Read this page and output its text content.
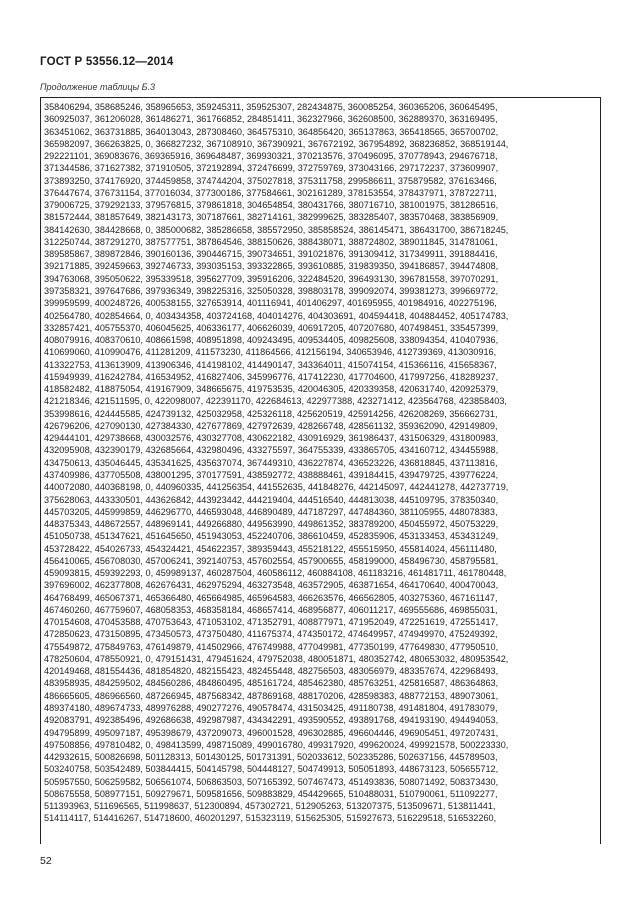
ГОСТ Р 53556.12—2014
Продолжение таблицы Б.3
358406294, 358685246, 358965653, 359245311, 359525307, 282434875, 360085254, 360365206, 360645495,
360925037, 361206028, 361486271, 361766852, 284851411, 362327966, 362608500, 362889370, 363169495,
363451062, 363731885, 364013043, 287308460, 364575310, 364856420, 365137863, 365418565, 365700702,
365982097, 366263825, 0, 366827232, 367108910, 367390921, 367672192, 367954892, 368236852, 368519144,
292221101, 369083676, 369365916, 369648487, 369930321, 370213576, 370496095, 370778943, 294676718,
371344586, 371627382, 371910505, 372192894, 372476699, 372759769, 373043166, 297172237, 373609907,
373893250, 374176920, 374459858, 374744204, 375027818, 375311758, 299586611, 375879582, 376163466,
376447674, 376731154, 377016034, 377300186, 377584661, 302161289, 378153554, 378437971, 378722711,
379006725, 379292133, 379576815, 379861818, 304654854, 380431766, 380716710, 381001975, 381286516,
381572444, 381857649, 382143173, 307187661, 382714161, 382999625, 383285407, 383570468, 383856909,
384142630, 384428668, 0, 385000682, 385286658, 385572950, 385858524, 386145471, 386431700, 386718245,
312250744, 387291270, 387577751, 387864546, 388150626, 388438071, 388724802, 389011845, 314781061,
389585867, 389872846, 390160136, 390446715, 390734651, 391021876, 391309412, 317349911, 391884416,
392171885, 392459663, 392746733, 393035153, 393322865, 393610885, 319839350, 394186857, 394474808,
394763068, 395050622, 395339518, 395627709, 395916206, 322484520, 396493130, 396781558, 397070291,
397358321, 397647686, 397936349, 398225316, 325050328, 398803178, 399092074, 399381273, 399669772,
399959599, 400248726, 400538155, 327653914, 401116941, 401406297, 401695955, 401984916, 402275196,
402564780, 402854664, 0, 403434358, 403724168, 404014276, 404303691, 404594418, 404884452, 405174783,
332857421, 405755370, 406045625, 406336177, 406626039, 406917205, 407207680, 407498451, 335457399,
408079916, 408370610, 408661598, 408951898, 409243495, 409534405, 409825608, 338094354, 410407936,
410699060, 410990476, 411281209, 411573230, 411864566, 412156194, 340653946, 412739369, 413030916,
413322753, 413613909, 413906346, 414198102, 414490147, 343364011, 415074154, 415366116, 415658367,
415949939, 416242784, 416534952, 416827406, 345996776, 417412230, 417704600, 417997256, 418289237,
418582482, 418875054, 419167909, 348665675, 419753535, 420046305, 420339358, 420631740, 420925379,
421218346, 421511595, 0, 422098007, 422391170, 422684613, 422977388, 423271412, 423564768, 423858403,
353998616, 424445585, 424739132, 425032958, 425326118, 425620519, 425914256, 426208269, 356662731,
426796206, 427090130, 427384330, 427677869, 427972639, 428266748, 428561132, 359362090, 429149809,
429444101, 429738668, 430032576, 430327708, 430622182, 430916929, 361986437, 431506329, 431800983,
432095908, 432390179, 432685664, 432980496, 433275597, 364755339, 433865705, 434160712, 434455988,
434750613, 435046445, 435341625, 435637074, 367449310, 436227874, 436523226, 436818845, 437113816,
437409986, 437705508, 438001295, 370177591, 438592772, 438888461, 439184415, 439479725, 439776224,
440072080, 440368198, 0, 440960335, 441256354, 441552635, 441848276, 442145097, 442441278, 442737719,
375628063, 443330501, 443626842, 443923442, 444219404, 444516540, 444813038, 445109795, 378350340,
445703205, 445999859, 446296770, 446593048, 446890489, 447187297, 447484360, 381105955, 448078383,
448375343, 448672557, 448969141, 449266880, 449563990, 449861352, 383789200, 450455972, 450753229,
451050738, 451347621, 451645650, 451943053, 452240706, 386610459, 452835906, 453133453, 453431249,
453728422, 454026733, 454324421, 454622357, 389359443, 455218122, 455515950, 455814024, 456111480,
456410065, 456708030, 457006241, 392140753, 457602554, 457900655, 458199000, 458496730, 458795581,
459093815, 459392293, 0, 459989137, 460287504, 460586112, 460884108, 461183216, 461481711, 461780448,
397696002, 462377808, 462676431, 462975294, 463273548, 463572905, 463871654, 464170640, 400470043,
464768499, 465067371, 465366480, 465664985, 465964583, 466263576, 466562805, 403275360, 467161147,
467460260, 467759607, 468058353, 468358184, 468657414, 468956877, 406011217, 469555686, 469855031,
470154608, 470453588, 470753643, 471053102, 471352791, 408877971, 471952049, 472251619, 472551417,
472850623, 473150895, 473450573, 473750480, 411675374, 474350172, 474649957, 474949970, 475249392,
475549872, 475849763, 476149879, 414502966, 476749988, 477049981, 477350199, 477649830, 477950510,
478250604, 478550921, 0, 479151431, 479451624, 479752038, 480051871, 480352742, 480653032, 480953542,
420149468, 481554436, 481854820, 482155423, 482455448, 482756503, 483056979, 483357674, 422968493,
483958935, 484259502, 484560286, 484860495, 485161724, 485462380, 485763251, 425816587, 486364863,
486665605, 486966560, 487266945, 487568342, 487869168, 488170206, 428598383, 488772153, 489073061,
489374180, 489674733, 489976288, 490277276, 490578474, 431503425, 491180738, 491481804, 491783079,
492083791, 492385496, 492686638, 492987987, 434342291, 493590552, 493891768, 494193190, 494494053,
494795899, 495097187, 495398679, 437209073, 496001528, 496302885, 496604446, 496905451, 497207431,
497508856, 497810482, 0, 498413599, 498715089, 499016780, 499317920, 499620024, 499921578, 500223330,
442932615, 500826698, 501128313, 501430125, 501731391, 502033612, 502335286, 502637156, 445789503,
503240758, 503542489, 503844415, 504145798, 504448127, 504749913, 505051893, 448673123, 505655712,
505957550, 506259582, 506561074, 506863503, 507165392, 507467473, 451493836, 508071492, 508373430,
508675558, 508977151, 509279671, 509581656, 509883829, 454429665, 510488031, 510790061, 511092277,
511393963, 511696565, 511998637, 512300894, 457302721, 512905263, 513207375, 513509671, 513811441,
514114117, 514416267, 514718600, 460201297, 515323119, 515625305, 515927673, 516229518, 516532260,
52
